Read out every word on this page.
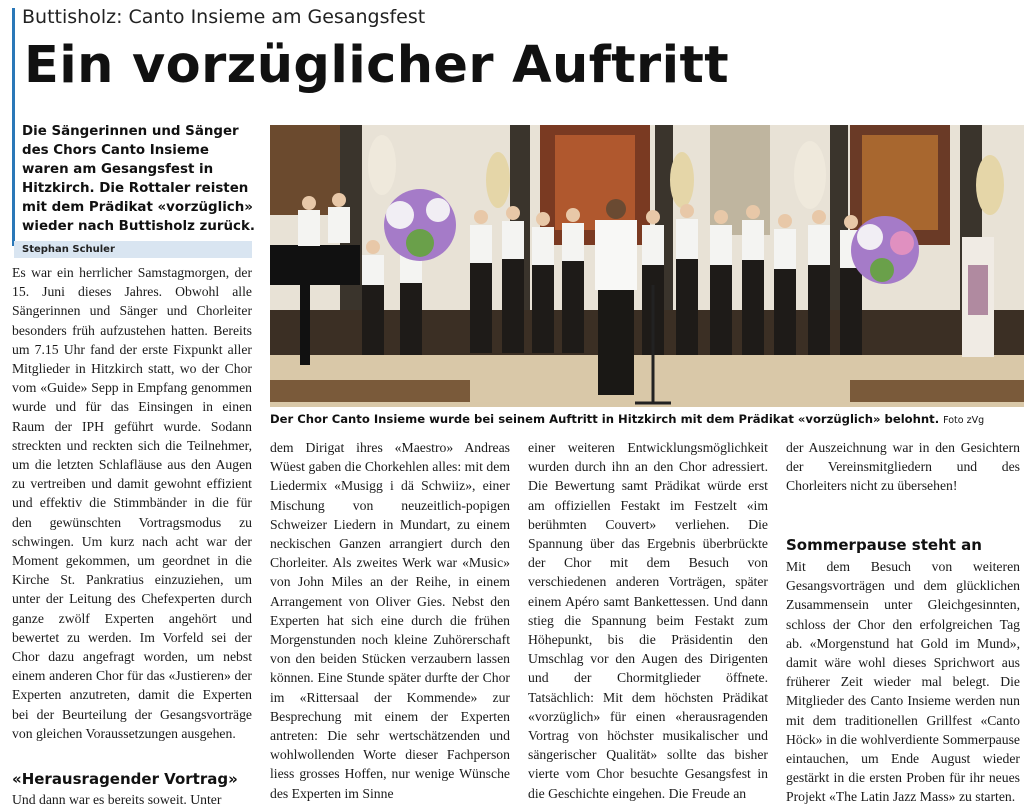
Buttisholz: Canto Insieme am Gesangsfest
Ein vorzüglicher Auftritt
Die Sängerinnen und Sänger des Chors Canto Insieme waren am Gesangsfest in Hitzkirch. Die Rottaler reisten mit dem Prädikat «vorzüglich» wieder nach Buttisholz zurück.
Stephan Schuler
Der Chor Canto Insieme wurde bei seinem Auftritt in Hitzkirch mit dem Prädikat «vorzüglich» belohnt. Foto zVg

Es war ein herrlicher Samstagmorgen, der 15. Juni dieses Jahres. Obwohl alle Sängerinnen und Sänger und Chorleiter besonders früh aufzustehen hatten. Bereits um 7.15 Uhr fand der erste Fixpunkt aller Mitglieder in Hitzkirch statt, wo der Chor vom «Guide» Sepp in Empfang genommen wurde und für das Einsingen in einen Raum der IPH geführt wurde. Sodann streckten und reckten sich die Teilnehmer, um die letzten Schlafläuse aus den Augen zu vertreiben und damit gewohnt effizient und effektiv die Stimmbänder in die für den gewünschten Vortragsmodus zu schwingen. Um kurz nach acht war der Moment gekommen, um geordnet in die Kirche St. Pankratius einzuziehen, um unter der Leitung des Chefexperten durch ganze zwölf Experten angehört und bewertet zu werden. Im Vorfeld sei der Chor dazu angefragt worden, um nebst einem anderen Chor für das «Justieren» der Experten anzutreten, damit die Experten bei der Beurteilung der Gesangsvorträge von gleichen Voraussetzungen ausgehen.

«Herausragender Vortrag»

Und dann war es bereits soweit. Unter

dem Dirigat ihres «Maestro» Andreas Wüest gaben die Chorkehlen alles: mit dem Liedermix «Musigg i dä Schwiiz», einer Mischung von neuzeitlich-popigen Schweizer Liedern in Mundart, zu einem neckischen Ganzen arrangiert durch den Chorleiter. Als zweites Werk war «Music» von John Miles an der Reihe, in einem Arrangement von Oliver Gies. Nebst den Experten hat sich eine durch die frühen Morgenstunden noch kleine Zuhörerschaft von den beiden Stücken verzaubern lassen können. Eine Stunde später durfte der Chor im «Rittersaal der Kommende» zur Besprechung mit einem der Experten antreten: Die sehr wertschätzenden und wohlwollenden Worte dieser Fachperson liess grosses Hoffen, nur wenige Wünsche des Experten im Sinne

einer weiteren Entwicklungsmöglichkeit wurden durch ihn an den Chor adressiert. Die Bewertung samt Prädikat würde erst am offiziellen Festakt im Festzelt «im berühmten Couvert» verliehen. Die Spannung über das Ergebnis überbrückte der Chor mit dem Besuch von verschiedenen anderen Vorträgen, später einem Apéro samt Bankettessen. Und dann stieg die Spannung beim Festakt zum Höhepunkt, bis die Präsidentin den Umschlag vor den Augen des Dirigenten und der Chormitglieder öffnete. Tatsächlich: Mit dem höchsten Prädikat «vorzüglich» für einen «herausragenden Vortrag von höchster musikalischer und sängerischer Qualität» sollte das bisher vierte vom Chor besuchte Gesangsfest in die Geschichte eingehen. Die Freude an

der Auszeichnung war in den Gesichtern der Vereinsmitgliedern und des Chorleiters nicht zu übersehen!

Sommerpause steht an

Mit dem Besuch von weiteren Gesangsvorträgen und dem glücklichen Zusammensein unter Gleichgesinnten, schloss der Chor den erfolgreichen Tag ab. «Morgenstund hat Gold im Mund», damit wäre wohl dieses Sprichwort aus früherer Zeit wieder mal belegt. Die Mitglieder des Canto Insieme werden nun mit dem traditionellen Grillfest «Canto Höck» in die wohlverdiente Sommerpause eintauchen, um Ende August wieder gestärkt in die ersten Proben für ihr neues Projekt «The Latin Jazz Mass» zu starten.
